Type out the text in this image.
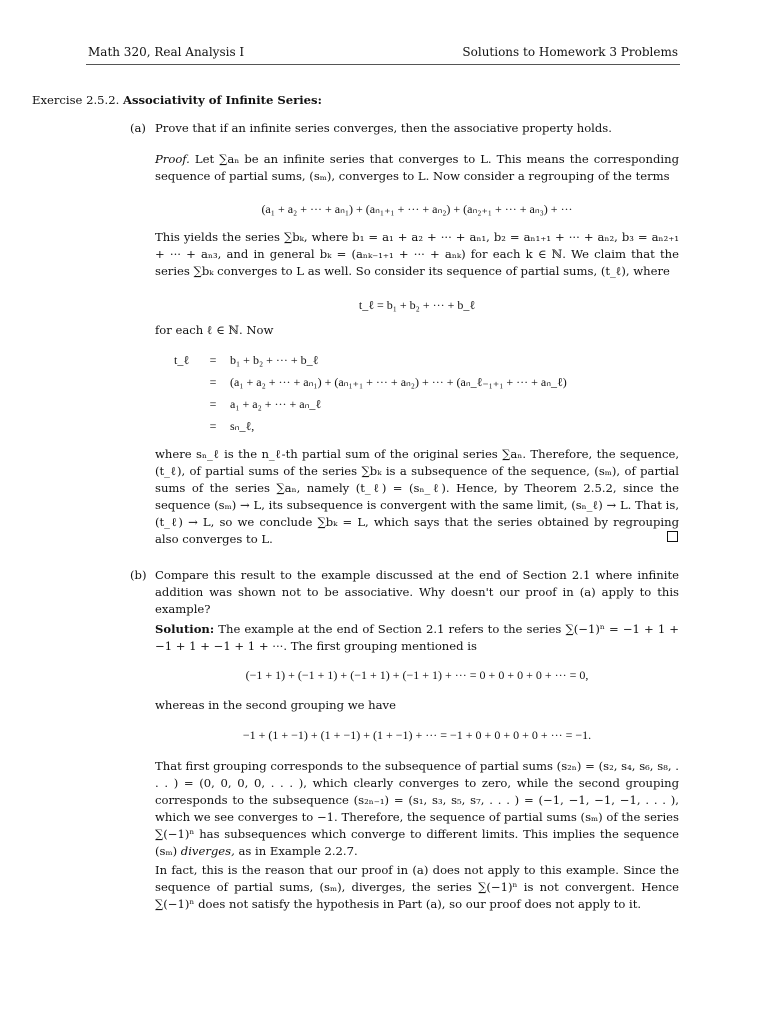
Math 320, Real Analysis I	Solutions to Homework 3 Problems
Exercise 2.5.2. Associativity of Infinite Series:
(a) Prove that if an infinite series converges, then the associative property holds.
Proof. Let ∑aₙ be an infinite series that converges to L. This means the corresponding sequence of partial sums, (sₘ), converges to L. Now consider a regrouping of the terms
(a₁ + a₂ + ··· + aₙ₁) + (aₙ₁₊₁ + ··· + aₙ₂) + (aₙ₂₊₁ + ··· + aₙ₃) + ···
This yields the series ∑bₖ, where b₁ = a₁ + a₂ + ··· + aₙ₁, b₂ = aₙ₁₊₁ + ··· + aₙ₂, b₃ = aₙ₂₊₁ + ··· + aₙ₃, and in general bₖ = (aₙₖ₋₁₊₁ + ··· + aₙₖ) for each k ∈ ℕ. We claim that the series ∑bₖ converges to L as well. So consider its sequence of partial sums, (t_ℓ), where
t_ℓ = b₁ + b₂ + ··· + b_ℓ
for each ℓ ∈ ℕ. Now
t_ℓ	=	b₁ + b₂ + ··· + b_ℓ
=	(a₁ + a₂ + ··· + aₙ₁) + (aₙ₁₊₁ + ··· + aₙ₂) + ··· + (aₙ_ℓ₋₁₊₁ + ··· + aₙ_ℓ)
=	a₁ + a₂ + ··· + aₙ_ℓ
=	sₙ_ℓ,
where sₙ_ℓ is the n_ℓ-th partial sum of the original series ∑aₙ. Therefore, the sequence, (t_ℓ), of partial sums of the series ∑bₖ is a subsequence of the sequence, (sₘ), of partial sums of the series ∑aₙ, namely (t_ℓ) = (sₙ_ℓ). Hence, by Theorem 2.5.2, since the sequence (sₘ) → L, its subsequence is convergent with the same limit, (sₙ_ℓ) → L. That is, (t_ℓ) → L, so we conclude ∑bₖ = L, which says that the series obtained by regrouping also converges to L.
(b) Compare this result to the example discussed at the end of Section 2.1 where infinite addition was shown not to be associative. Why doesn't our proof in (a) apply to this example?
Solution: The example at the end of Section 2.1 refers to the series ∑(−1)ⁿ = −1 + 1 + −1 + 1 + −1 + 1 + ···. The first grouping mentioned is
(−1 + 1) + (−1 + 1) + (−1 + 1) + (−1 + 1) + ··· = 0 + 0 + 0 + 0 + ··· = 0,
whereas in the second grouping we have
−1 + (1 + −1) + (1 + −1) + (1 + −1) + ··· = −1 + 0 + 0 + 0 + 0 + ··· = −1.
That first grouping corresponds to the subsequence of partial sums (s₂ₙ) = (s₂, s₄, s₆, s₈, . . . ) = (0, 0, 0, 0, . . . ), which clearly converges to zero, while the second grouping corresponds to the subsequence (s₂ₙ₋₁) = (s₁, s₃, s₅, s₇, . . . ) = (−1, −1, −1, −1, . . . ), which we see converges to −1. Therefore, the sequence of partial sums (sₘ) of the series ∑(−1)ⁿ has subsequences which converge to different limits. This implies the sequence (sₘ) diverges, as in Example 2.2.7.
In fact, this is the reason that our proof in (a) does not apply to this example. Since the sequence of partial sums, (sₘ), diverges, the series ∑(−1)ⁿ is not convergent. Hence ∑(−1)ⁿ does not satisfy the hypothesis in Part (a), so our proof does not apply to it.
